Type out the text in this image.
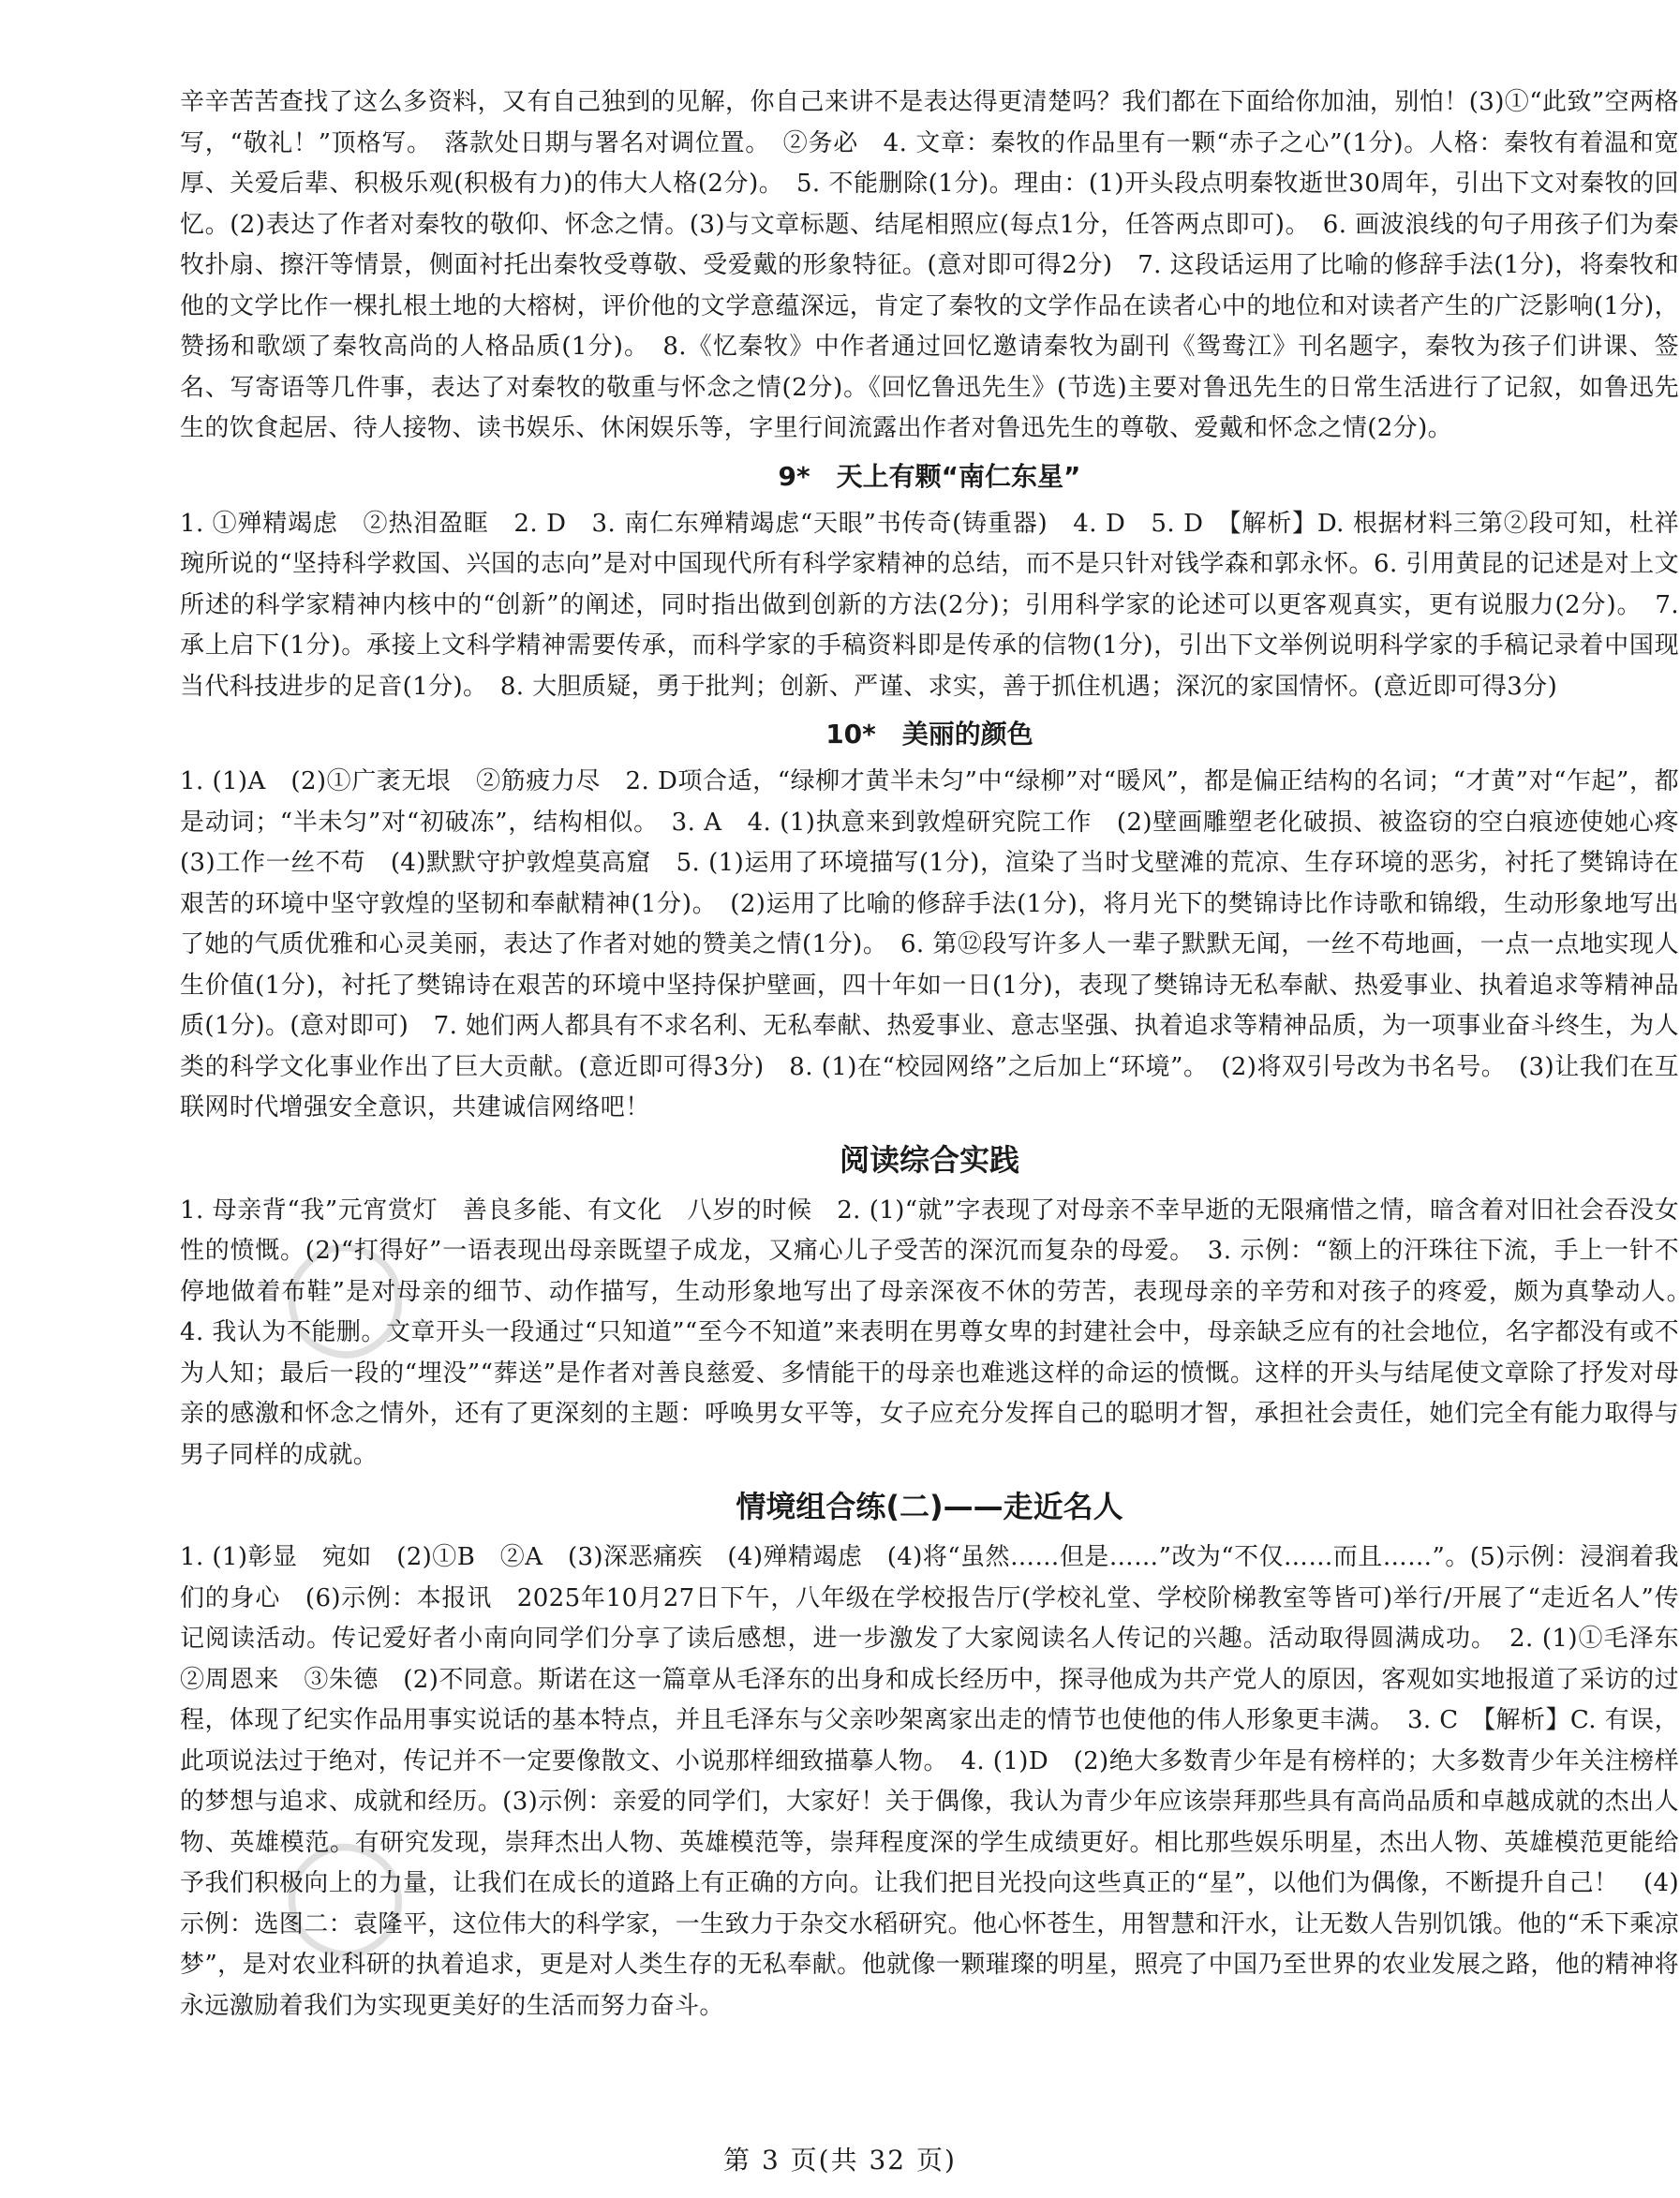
辛辛苦苦查找了这么多资料，又有自己独到的见解，你自己来讲不是表达得更清楚吗？我们都在下面给你加油，别怕！(3)①“此致”空两格写，“敬礼！”顶格写。　落款处日期与署名对调位置。　②务必　4. 文章：秦牧的作品里有一颗“赤子之心”(1分)。人格：秦牧有着温和宽厚、关爱后辈、积极乐观(积极有力)的伟大人格(2分)。　5. 不能删除(1分)。理由：(1)开头段点明秦牧逝世30周年，引出下文对秦牧的回忆。(2)表达了作者对秦牧的敬仰、怀念之情。(3)与文章标题、结尾相照应(每点1分，任答两点即可)。　6. 画波浪线的句子用孩子们为秦牧扑扇、擦汗等情景，侧面衬托出秦牧受尊敬、受爱戴的形象特征。(意对即可得2分)　7. 这段话运用了比喻的修辞手法(1分)，将秦牧和他的文学比作一棵扎根土地的大榕树，评价他的文学意蕴深远，肯定了秦牧的文学作品在读者心中的地位和对读者产生的广泛影响(1分)，赞扬和歌颂了秦牧高尚的人格品质(1分)。　8.《忆秦牧》中作者通过回忆邀请秦牧为副刊《鸳鸯江》刊名题字，秦牧为孩子们讲课、签名、写寄语等几件事，表达了对秦牧的敬重与怀念之情(2分)。《回忆鲁迅先生》(节选)主要对鲁迅先生的日常生活进行了记叙，如鲁迅先生的饮食起居、待人接物、读书娱乐、休闲娱乐等，字里行间流露出作者对鲁迅先生的尊敬、爱戴和怀念之情(2分)。

9*　天上有颗“南仁东星”

1. ①殚精竭虑　②热泪盈眶　2. D　3. 南仁东殚精竭虑“天眼”书传奇(铸重器)　4. D　5. D　【解析】D. 根据材料三第②段可知，杜祥琬所说的“坚持科学救国、兴国的志向”是对中国现代所有科学家精神的总结，而不是只针对钱学森和郭永怀。6. 引用黄昆的记述是对上文所述的科学家精神内核中的“创新”的阐述，同时指出做到创新的方法(2分)；引用科学家的论述可以更客观真实，更有说服力(2分)。　7. 承上启下(1分)。承接上文科学精神需要传承，而科学家的手稿资料即是传承的信物(1分)，引出下文举例说明科学家的手稿记录着中国现当代科技进步的足音(1分)。　8. 大胆质疑，勇于批判；创新、严谨、求实，善于抓住机遇；深沉的家国情怀。(意近即可得3分)

10*　美丽的颜色

1. (1)A　(2)①广袤无垠　②筋疲力尽　2. D项合适，“绿柳才黄半未匀”中“绿柳”对“暖风”，都是偏正结构的名词；“才黄”对“乍起”，都是动词；“半未匀”对“初破冻”，结构相似。　3. A　4. (1)执意来到敦煌研究院工作　(2)壁画雕塑老化破损、被盗窃的空白痕迹使她心疼　(3)工作一丝不苟　(4)默默守护敦煌莫高窟　5. (1)运用了环境描写(1分)，渲染了当时戈壁滩的荒凉、生存环境的恶劣，衬托了樊锦诗在艰苦的环境中坚守敦煌的坚韧和奉献精神(1分)。　(2)运用了比喻的修辞手法(1分)，将月光下的樊锦诗比作诗歌和锦缎，生动形象地写出了她的气质优雅和心灵美丽，表达了作者对她的赞美之情(1分)。　6. 第⑫段写许多人一辈子默默无闻，一丝不苟地画，一点一点地实现人生价值(1分)，衬托了樊锦诗在艰苦的环境中坚持保护壁画，四十年如一日(1分)，表现了樊锦诗无私奉献、热爱事业、执着追求等精神品质(1分)。(意对即可)　7. 她们两人都具有不求名利、无私奉献、热爱事业、意志坚强、执着追求等精神品质，为一项事业奋斗终生，为人类的科学文化事业作出了巨大贡献。(意近即可得3分)　8. (1)在“校园网络”之后加上“环境”。　(2)将双引号改为书名号。　(3)让我们在互联网时代增强安全意识，共建诚信网络吧！

阅读综合实践

1. 母亲背“我”元宵赏灯　善良多能、有文化　八岁的时候　2. (1)“就”字表现了对母亲不幸早逝的无限痛惜之情，暗含着对旧社会吞没女性的愤慨。(2)“打得好”一语表现出母亲既望子成龙，又痛心儿子受苦的深沉而复杂的母爱。　3. 示例：“额上的汗珠往下流，手上一针不停地做着布鞋”是对母亲的细节、动作描写，生动形象地写出了母亲深夜不休的劳苦，表现母亲的辛劳和对孩子的疼爱，颇为真挚动人。　4. 我认为不能删。文章开头一段通过“只知道”“至今不知道”来表明在男尊女卑的封建社会中，母亲缺乏应有的社会地位，名字都没有或不为人知；最后一段的“埋没”“葬送”是作者对善良慈爱、多情能干的母亲也难逃这样的命运的愤慨。这样的开头与结尾使文章除了抒发对母亲的感激和怀念之情外，还有了更深刻的主题：呼唤男女平等，女子应充分发挥自己的聪明才智，承担社会责任，她们完全有能力取得与男子同样的成就。

情境组合练(二)——走近名人

1. (1)彰显　宛如　(2)①B　②A　(3)深恶痛疾　(4)殚精竭虑　(4)将“虽然……但是……”改为“不仅……而且……”。(5)示例：浸润着我们的身心　(6)示例：本报讯　2025年10月27日下午，八年级在学校报告厅(学校礼堂、学校阶梯教室等皆可)举行/开展了“走近名人”传记阅读活动。传记爱好者小南向同学们分享了读后感想，进一步激发了大家阅读名人传记的兴趣。活动取得圆满成功。　2. (1)①毛泽东　②周恩来　③朱德　(2)不同意。斯诺在这一篇章从毛泽东的出身和成长经历中，探寻他成为共产党人的原因，客观如实地报道了采访的过程，体现了纪实作品用事实说话的基本特点，并且毛泽东与父亲吵架离家出走的情节也使他的伟人形象更丰满。　3. C　【解析】C. 有误，此项说法过于绝对，传记并不一定要像散文、小说那样细致描摹人物。　4. (1)D　(2)绝大多数青少年是有榜样的；大多数青少年关注榜样的梦想与追求、成就和经历。(3)示例：亲爱的同学们，大家好！关于偶像，我认为青少年应该崇拜那些具有高尚品质和卓越成就的杰出人物、英雄模范。有研究发现，崇拜杰出人物、英雄模范等，崇拜程度深的学生成绩更好。相比那些娱乐明星，杰出人物、英雄模范更能给予我们积极向上的力量，让我们在成长的道路上有正确的方向。让我们把目光投向这些真正的“星”，以他们为偶像，不断提升自己！　(4)示例：选图二：袁隆平，这位伟大的科学家，一生致力于杂交水稻研究。他心怀苍生，用智慧和汗水，让无数人告别饥饿。他的“禾下乘凉梦”，是对农业科研的执着追求，更是对人类生存的无私奉献。他就像一颗璀璨的明星，照亮了中国乃至世界的农业发展之路，他的精神将永远激励着我们为实现更美好的生活而努力奋斗。

◯
◯
第 3 页(共 32 页)
